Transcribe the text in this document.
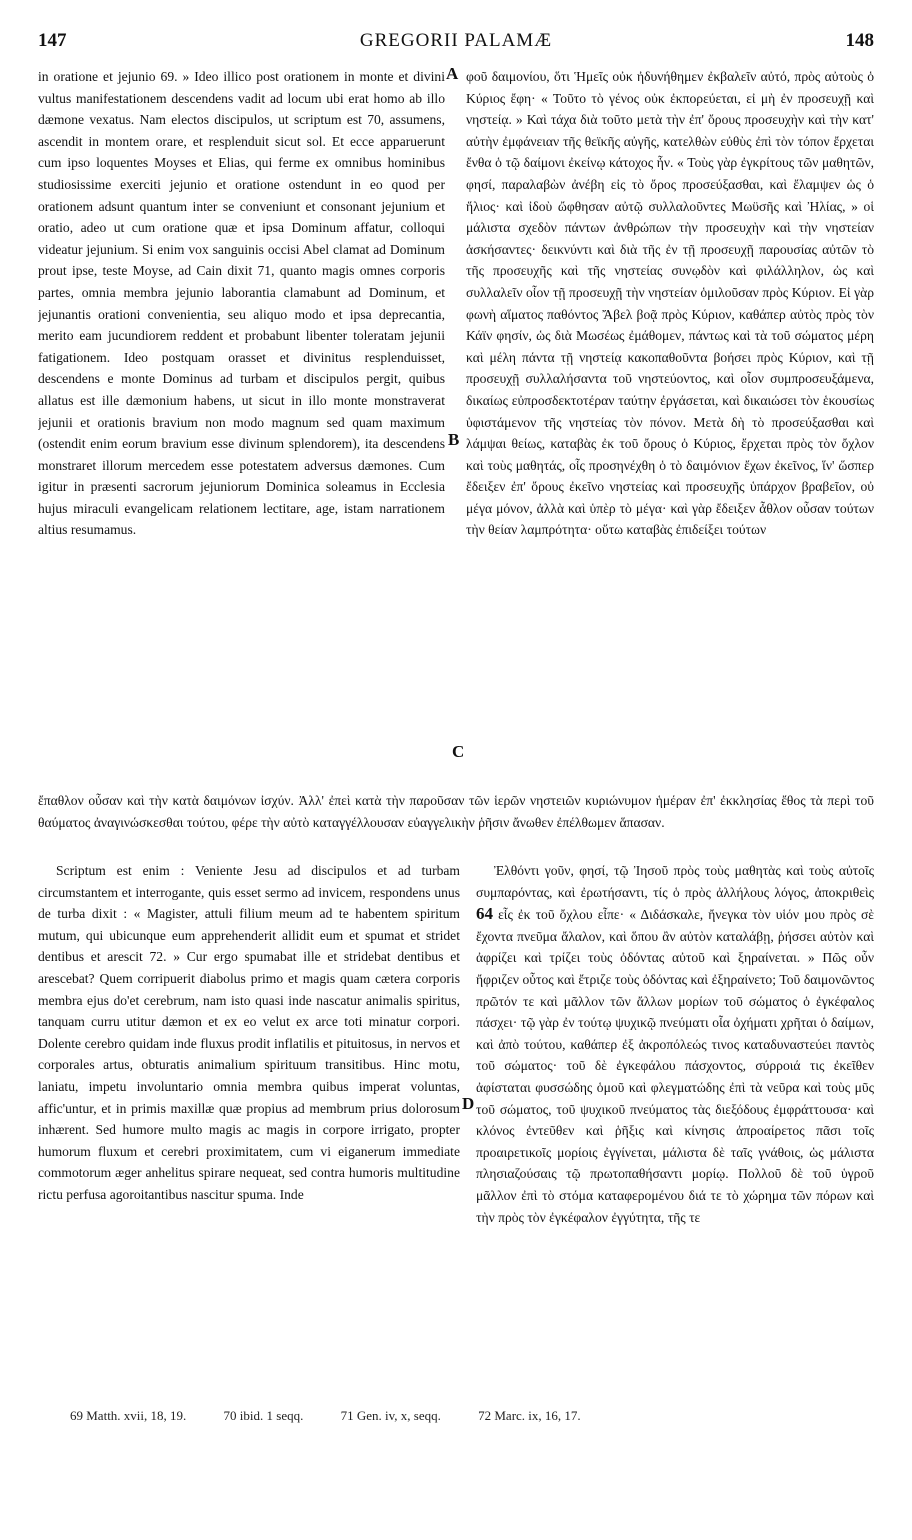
147	GREGORII PALAMÆ	148

in oratione et jejunio 69. » Ideo illico post orationem in monte et divini vultus manifestationem descendens vadit ad locum ubi erat homo ab illo dæmone vexatus. Nam electos discipulos, ut scriptum est 70, assumens, ascendit in montem orare, et resplenduit sicut sol. Et ecce apparuerunt cum ipso loquentes Moyses et Elias, qui ferme ex omnibus hominibus studiosissime exerciti jejunio et oratione ostendunt in eo quod per orationem adsunt quantum inter se conveniunt et consonant jejunium et oratio, adeo ut cum oratione quæ et ipsa Dominum affatur, colloqui videatur jejunium. Si enim vox sanguinis occisi Abel clamat ad Dominum prout ipse, teste Moyse, ad Cain dixit 71, quanto magis omnes corporis partes, omnia membra jejunio laborantia clamabunt ad Dominum, et jejunantis orationi convenientia, seu aliquo modo et ipsa deprecantia, merito eam jucundiorem reddent et probabunt libenter toleratam jejunii fatigationem. Ideo postquam orasset et divinitus resplenduisset, descendens e monte Dominus ad turbam et discipulos pergit, quibus allatus est ille dæmonium habens, ut sicut in illo monte monstraverat jejunii et orationis bravium non modo magnum sed quam maximum (ostendit enim eorum bravium esse divinum splendorem), ita descendens monstraret illorum mercedem esse potestatem adversus dæmones. Cum igitur in præsenti sacrorum jejuniorum Dominica soleamus in Ecclesia hujus miraculi evangelicam relationem lectitare, age, istam narrationem altius resumamus.

A
B
C
D

φοῦ δαιμονίου, ὅτι Ἡμεῖς οὐκ ἠδυνήθημεν ἐκβαλεῖν αὐτό, πρὸς αὐτοὺς ὁ Κύριος ἔφη· « Τοῦτο τὸ γένος οὐκ ἐκπορεύεται, εἰ μὴ ἐν προσευχῇ καὶ νηστείᾳ. » Καὶ τάχα διὰ τοῦτο μετὰ τὴν ἐπ' ὄρους προσευχὴν καὶ τὴν κατ' αὐτὴν ἐμφάνειαν τῆς θεϊκῆς αὐγῆς, κατελθὼν εὐθὺς ἐπὶ τὸν τόπον ἔρχεται ἔνθα ὁ τῷ δαίμονι ἐκείνῳ κάτοχος ἦν. « Τοὺς γὰρ ἐγκρίτους τῶν μαθητῶν, φησί, παραλαβὼν ἀνέβη εἰς τὸ ὄρος προσεύξασθαι, καὶ ἔλαμψεν ὡς ὁ ἥλιος· καὶ ἰδοὺ ὤφθησαν αὐτῷ συλλαλοῦντες Μωϋσῆς καὶ Ἠλίας, » οἱ μάλιστα σχεδὸν πάντων ἀνθρώπων τὴν προσευχὴν καὶ τὴν νηστείαν ἀσκήσαντες· δεικνύντι καὶ διὰ τῆς ἐν τῇ προσευχῇ παρουσίας αὐτῶν τὸ τῆς προσευχῆς καὶ τῆς νηστείας συνῳδὸν καὶ φιλάλληλον, ὡς καὶ συλλαλεῖν οἷον τῇ προσευχῇ τὴν νηστείαν ὁμιλοῦσαν πρὸς Κύριον. Εἰ γὰρ φωνὴ αἵματος παθόντος Ἄβελ βοᾷ πρὸς Κύριον, καθάπερ αὐτὸς πρὸς τὸν Κάϊν φησίν, ὡς διὰ Μωσέως ἐμάθομεν, πάντως καὶ τὰ τοῦ σώματος μέρη καὶ μέλη πάντα τῇ νηστείᾳ κακοπαθοῦντα βοήσει πρὸς Κύριον, καὶ τῇ προσευχῇ συλλαλήσαντα τοῦ νηστεύοντος, καὶ οἷον συμπροσευξάμενα, δικαίως εὐπροσδεκτοτέραν ταύτην ἐργάσεται, καὶ δικαιώσει τὸν ἑκουσίως ὑφιστάμενον τῆς νηστείας τὸν πόνον. Μετὰ δὴ τὸ προσεύξασθαι καὶ λάμψαι θείως, καταβὰς ἐκ τοῦ ὄρους ὁ Κύριος, ἔρχεται πρὸς τὸν ὄχλον καὶ τοὺς μαθητάς, οἷς προσηνέχθη ὁ τὸ δαιμόνιον ἔχων ἐκεῖνος, ἵν' ὥσπερ ἔδειξεν ἐπ' ὄρους ἐκεῖνο νηστείας καὶ προσευχῆς ὑπάρχον βραβεῖον, οὐ μέγα μόνον, ἀλλὰ καὶ ὑπὲρ τὸ μέγα· καὶ γὰρ ἔδειξεν ἆθλον οὖσαν τούτων τὴν θείαν λαμπρότητα· οὕτω καταβὰς ἐπιδείξει τούτων

ἔπαθλον οὖσαν καὶ τὴν κατὰ δαιμόνων ἰσχύν. Ἀλλ' ἐπεὶ κατὰ τὴν παροῦσαν τῶν ἱερῶν νηστειῶν κυριώνυμον ἡμέραν ἐπ' ἐκκλησίας ἔθος τὰ περὶ τοῦ θαύματος ἀναγινώσκεσθαι τούτου, φέρε τὴν αὐτὸ καταγγέλλουσαν εὐαγγελικὴν ῥῆσιν ἄνωθεν ἐπέλθωμεν ἅπασαν.

Scriptum est enim : Veniente Jesu ad discipulos et ad turbam circumstantem et interrogante, quis esset sermo ad invicem, respondens unus de turba dixit : « Magister, attuli filium meum ad te habentem spiritum mutum, qui ubicunque eum apprehenderit allidit eum et spumat et stridet dentibus et arescit 72. » Cur ergo spumabat ille et stridebat dentibus et arescebat? Quem corripuerit diabolus primo et magis quam cætera corporis membra ejus do'et cerebrum, nam isto quasi inde nascatur animalis spiritus, tanquam curru utitur dæmon et ex eo velut ex arce toti minatur corpori. Dolente cerebro quidam inde fluxus prodit inflatilis et pituitosus, in nervos et corporales artus, obturatis animalium spirituum transitibus. Hinc motu, laniatu, impetu involuntario omnia membra quibus imperat voluntas, affic'untur, et in primis maxillæ quæ propius ad membrum prius dolorosum inhærent. Sed humore multo magis ac magis in corpore irrigato, propter humorum fluxum et cerebri proximitatem, cum vi eiganerum immediate commotorum æger anhelitus spirare nequeat, sed contra humoris multitudine rictu perfusa agoroitantibus nascitur spuma. Inde

Ἐλθόντι γοῦν, φησί, τῷ Ἰησοῦ πρὸς τοὺς μαθητὰς καὶ τοὺς αὐτοῖς συμπαρόντας, καὶ ἐρωτήσαντι, τίς ὁ πρὸς ἀλλήλους λόγος, ἀποκριθεὶς 64 εἷς ἐκ τοῦ ὄχλου εἶπε· « Διδάσκαλε, ἤνεγκα τὸν υἱόν μου πρὸς σὲ ἔχοντα πνεῦμα ἄλαλον, καὶ ὅπου ἂν αὐτὸν καταλάβῃ, ῥήσσει αὐτὸν καὶ ἀφρίζει καὶ τρίζει τοὺς ὀδόντας αὐτοῦ καὶ ξηραίνεται. » Πῶς οὖν ἤφριζεν οὗτος καὶ ἔτριζε τοὺς ὀδόντας καὶ ἐξηραίνετο; Τοῦ δαιμονῶντος πρῶτόν τε καὶ μᾶλλον τῶν ἄλλων μορίων τοῦ σώματος ὁ ἐγκέφαλος πάσχει· τῷ γὰρ ἐν τούτῳ ψυχικῷ πνεύματι οἷα ὀχήματι χρῆται ὁ δαίμων, καὶ ἀπὸ τούτου, καθάπερ ἐξ ἀκροπόλεώς τινος καταδυναστεύει παντὸς τοῦ σώματος· τοῦ δὲ ἐγκεφάλου πάσχοντος, σύρροιά τις ἐκεῖθεν ἀφίσταται φυσσώδης ὁμοῦ καὶ φλεγματώδης ἐπὶ τὰ νεῦρα καὶ τοὺς μῦς τοῦ σώματος, τοῦ ψυχικοῦ πνεύματος τὰς διεξόδους ἐμφράττουσα· καὶ κλόνος ἐντεῦθεν καὶ ῥῆξις καὶ κίνησις ἀπροαίρετος πᾶσι τοῖς προαιρετικοῖς μορίοις ἐγγίνεται, μάλιστα δὲ ταῖς γνάθοις, ὡς μάλιστα πλησιαζούσαις τῷ πρωτοπαθήσαντι μορίῳ. Πολλοῦ δὲ τοῦ ὑγροῦ μᾶλλον ἐπὶ τὸ στόμα καταφερομένου διά τε τὸ χώρημα τῶν πόρων καὶ τὴν πρὸς τὸν ἐγκέφαλον ἐγγύτητα, τῆς τε

69 Matth. xvii, 18, 19.	70 ibid. 1 seqq.	71 Gen. iv, x, seqq.	72 Marc. ix, 16, 17.
